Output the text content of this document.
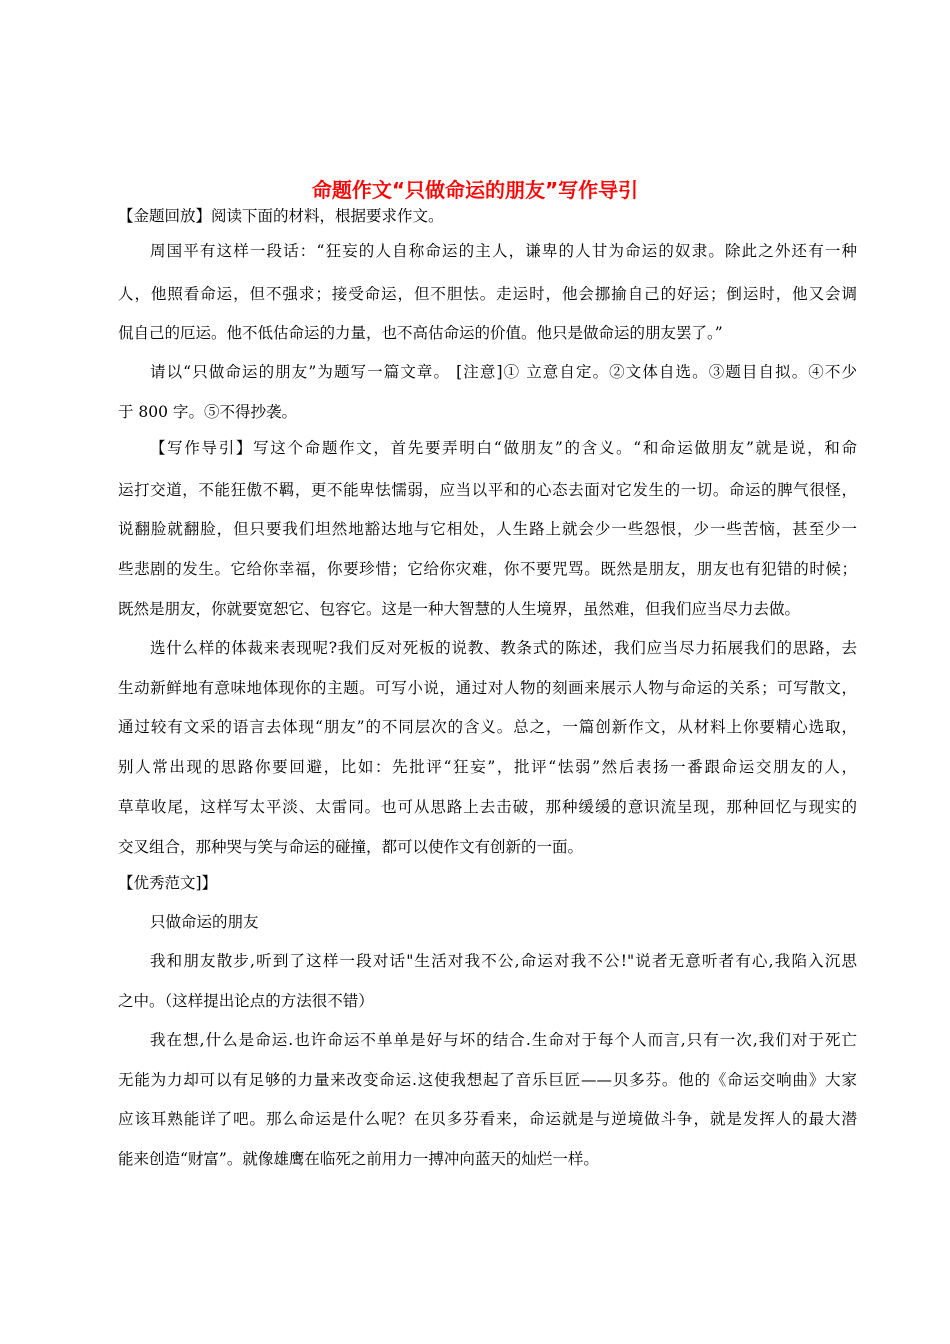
命题作文“只做命运的朋友”写作导引
【金题回放】阅读下面的材料，根据要求作文。
周国平有这样一段话：“狂妄的人自称命运的主人，谦卑的人甘为命运的奴隶。除此之外还有一种
人，他照看命运，但不强求；接受命运，但不胆怯。走运时，他会挪揄自己的好运；倒运时，他又会调
侃自己的厄运。他不低估命运的力量，也不高估命运的价值。他只是做命运的朋友罢了。”
请以“只做命运的朋友”为题写一篇文章。 [注意]① 立意自定。②文体自选。③题目自拟。④不少
于 800 字。⑤不得抄袭。
【写作导引】写这个命题作文，首先要弄明白“做朋友”的含义。“和命运做朋友”就是说，和命
运打交道，不能狂傲不羁，更不能卑怯懦弱，应当以平和的心态去面对它发生的一切。命运的脾气很怪，
说翻脸就翻脸，但只要我们坦然地豁达地与它相处，人生路上就会少一些怨恨，少一些苦恼，甚至少一
些悲剧的发生。它给你幸福，你要珍惜；它给你灾难，你不要咒骂。既然是朋友，朋友也有犯错的时候；
既然是朋友，你就要宽恕它、包容它。这是一种大智慧的人生境界，虽然难，但我们应当尽力去做。
选什么样的体裁来表现呢?我们反对死板的说教、教条式的陈述，我们应当尽力拓展我们的思路，去
生动新鲜地有意味地体现你的主题。可写小说，通过对人物的刻画来展示人物与命运的关系；可写散文，
通过较有文采的语言去体现“朋友”的不同层次的含义。总之，一篇创新作文，从材料上你要精心选取，
别人常出现的思路你要回避，比如：先批评“狂妄”，批评“怯弱”然后表扬一番跟命运交朋友的人，
草草收尾，这样写太平淡、太雷同。也可从思路上去击破，那种缓缓的意识流呈现，那种回忆与现实的
交叉组合，那种哭与笑与命运的碰撞，都可以使作文有创新的一面。
【优秀范文]】
只做命运的朋友
我和朋友散步,听到了这样一段对话"生活对我不公,命运对我不公!"说者无意听者有心,我陷入沉思
之中。（这样提出论点的方法很不错）
我在想,什么是命运.也许命运不单单是好与坏的结合.生命对于每个人而言,只有一次,我们对于死亡
无能为力却可以有足够的力量来改变命运.这使我想起了音乐巨匠——贝多芬。他的《命运交响曲》大家
应该耳熟能详了吧。那么命运是什么呢？在贝多芬看来，命运就是与逆境做斗争，就是发挥人的最大潜
能来创造“财富”。就像雄鹰在临死之前用力一搏冲向蓝天的灿烂一样。
